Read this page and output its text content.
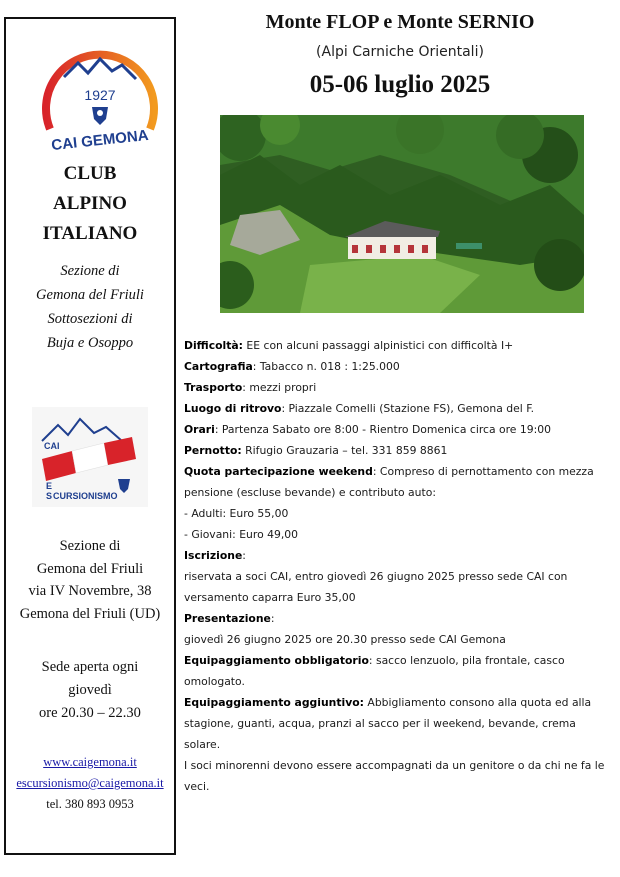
1927
CAI GEMONA
CLUB
ALPINO
ITALIANO
Sezione di
Gemona del Friuli
Sottosezioni di
Buja e Osoppo
CAI
E
S CURSIONISMO
Sezione di
Gemona del Friuli
via IV Novembre, 38
Gemona del Friuli (UD)
Sede aperta ogni
giovedì
ore 20.30 – 22.30
www.caigemona.it
escursionismo@caigemona.it
tel. 380 893 0953
Monte FLOP e Monte SERNIO
(Alpi Carniche Orientali)
05-06 luglio 2025

Difficoltà: EE con alcuni passaggi alpinistici con difficoltà I+

Cartografia: Tabacco n. 018 : 1:25.000

Trasporto: mezzi propri

Luogo di ritrovo: Piazzale Comelli (Stazione FS), Gemona del F.

Orari: Partenza Sabato ore 8:00 - Rientro Domenica circa ore 19:00

Pernotto: Rifugio Grauzaria – tel. 331 859 8861

Quota partecipazione weekend: Compreso di pernottamento con mezza pensione (escluse bevande) e contributo auto:

- Adulti: Euro 55,00

- Giovani: Euro 49,00

Iscrizione:

riservata a soci CAI, entro giovedì 26 giugno 2025 presso sede CAI con versamento caparra Euro 35,00

Presentazione:

giovedì 26 giugno 2025 ore 20.30 presso sede CAI Gemona

Equipaggiamento obbligatorio: sacco lenzuolo, pila frontale, casco omologato.

Equipaggiamento aggiuntivo: Abbigliamento consono alla quota ed alla stagione, guanti, acqua, pranzi al sacco per il weekend, bevande, crema solare.

I soci minorenni devono essere accompagnati da un genitore o da chi ne fa le veci.
